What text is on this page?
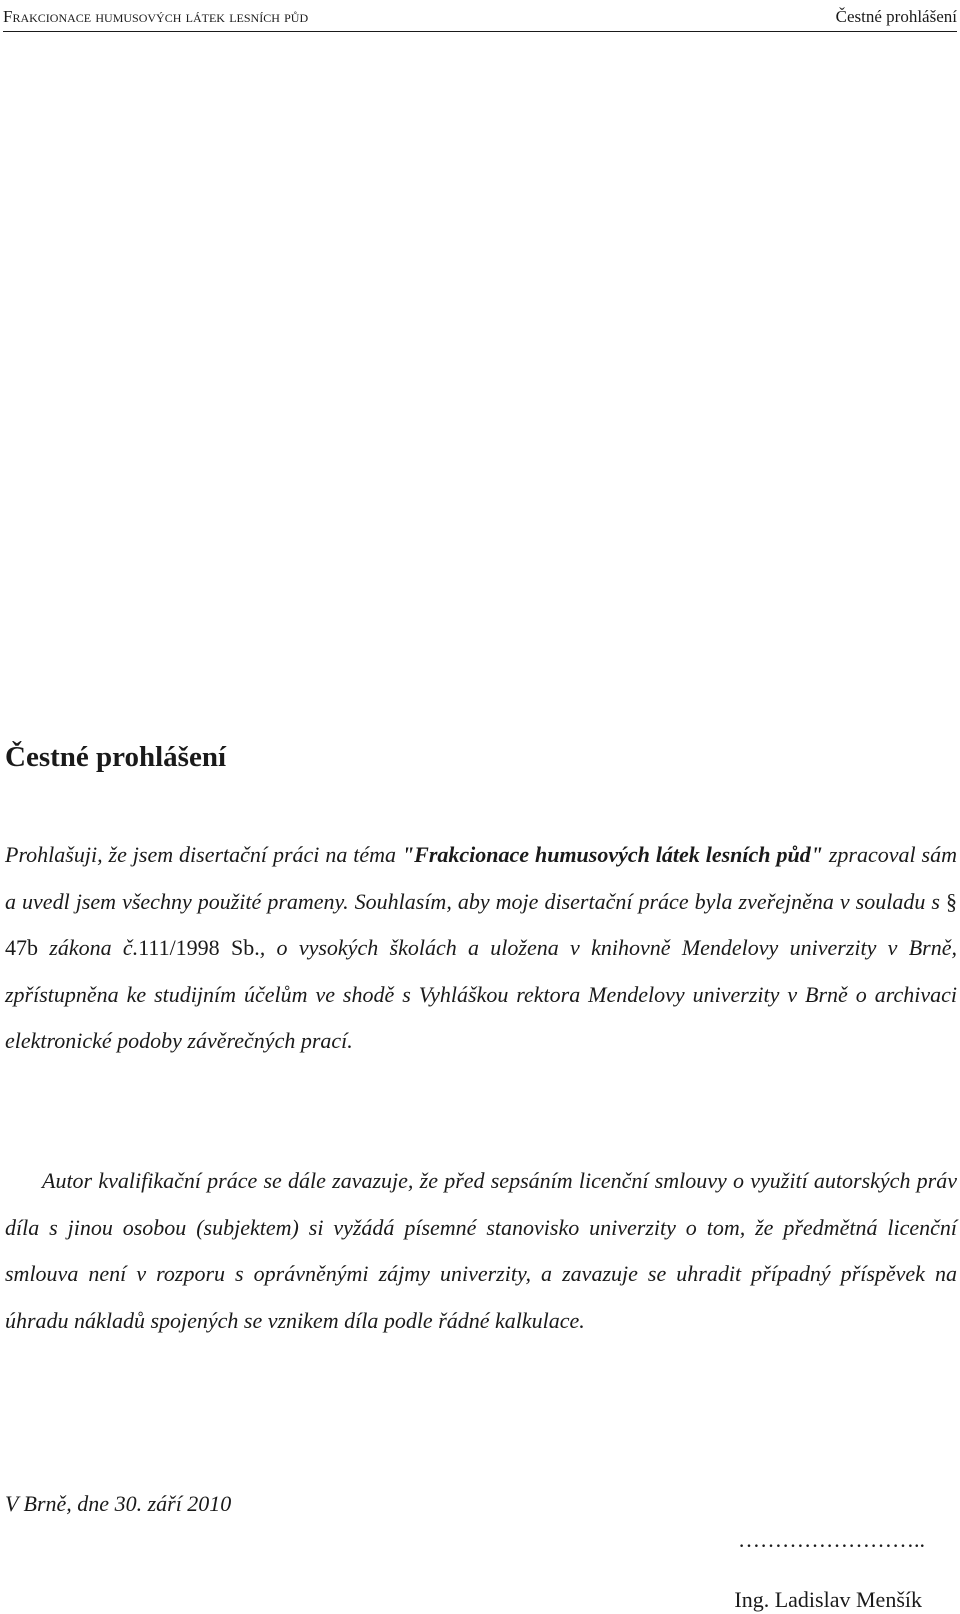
Frakcionace humusových látek lesních půd	Čestné prohlášení
Čestné prohlášení

Prohlašuji, že jsem disertační práci na téma "Frakcionace humusových látek lesních půd" zpracoval sám a uvedl jsem všechny použité prameny. Souhlasím, aby moje disertační práce byla zveřejněna v souladu s § 47b zákona č.111/1998 Sb., o vysokých školách a uložena v knihovně Mendelovy univerzity v Brně, zpřístupněna ke studijním účelům ve shodě s Vyhláškou rektora Mendelovy univerzity v Brně o archivaci elektronické podoby závěrečných prací.

Autor kvalifikační práce se dále zavazuje, že před sepsáním licenční smlouvy o využití autorských práv díla s jinou osobou (subjektem) si vyžádá písemné stanovisko univerzity o tom, že předmětná licenční smlouva není v rozporu s oprávněnými zájmy univerzity, a zavazuje se uhradit případný příspěvek na úhradu nákladů spojených se vznikem díla podle řádné kalkulace.

V Brně, dne 30. září 2010
……………………..
Ing. Ladislav Menšík
